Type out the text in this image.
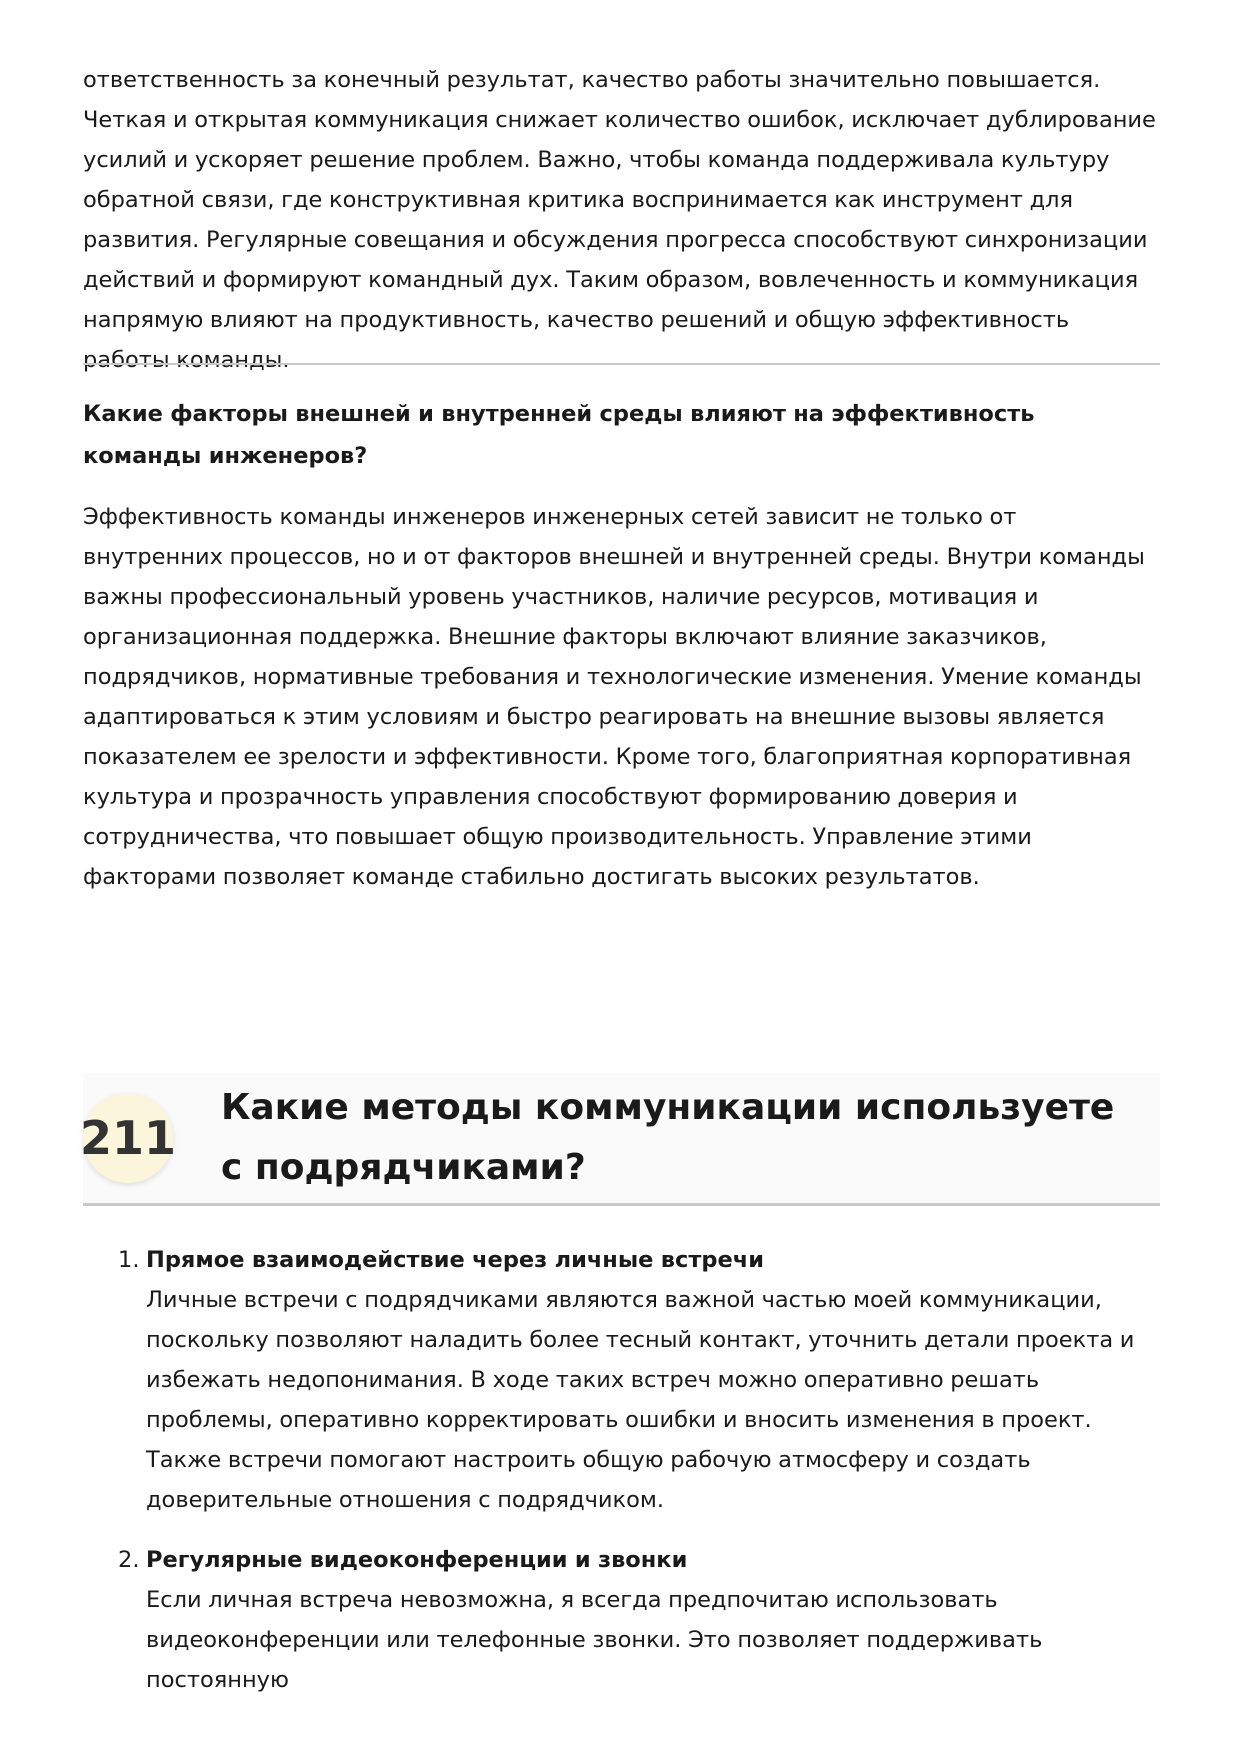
ответственность за конечный результат, качество работы значительно повышается. Четкая и открытая коммуникация снижает количество ошибок, исключает дублирование усилий и ускоряет решение проблем. Важно, чтобы команда поддерживала культуру обратной связи, где конструктивная критика воспринимается как инструмент для развития. Регулярные совещания и обсуждения прогресса способствуют синхронизации действий и формируют командный дух. Таким образом, вовлеченность и коммуникация напрямую влияют на продуктивность, качество решений и общую эффективность работы команды.

Какие факторы внешней и внутренней среды влияют на эффективность команды инженеров?

Эффективность команды инженеров инженерных сетей зависит не только от внутренних процессов, но и от факторов внешней и внутренней среды. Внутри команды важны профессиональный уровень участников, наличие ресурсов, мотивация и организационная поддержка. Внешние факторы включают влияние заказчиков, подрядчиков, нормативные требования и технологические изменения. Умение команды адаптироваться к этим условиям и быстро реагировать на внешние вызовы является показателем ее зрелости и эффективности. Кроме того, благоприятная корпоративная культура и прозрачность управления способствуют формированию доверия и сотрудничества, что повышает общую производительность. Управление этими факторами позволяет команде стабильно достигать высоких результатов.

211
Какие методы коммуникации используете с подрядчиками?
1. Прямое взаимодействие через личные встречи

Личные встречи с подрядчиками являются важной частью моей коммуникации, поскольку позволяют наладить более тесный контакт, уточнить детали проекта и избежать недопонимания. В ходе таких встреч можно оперативно решать проблемы, оперативно корректировать ошибки и вносить изменения в проект. Также встречи помогают настроить общую рабочую атмосферу и создать доверительные отношения с подрядчиком.

2. Регулярные видеоконференции и звонки

Если личная встреча невозможна, я всегда предпочитаю использовать видеоконференции или телефонные звонки. Это позволяет поддерживать постоянную
